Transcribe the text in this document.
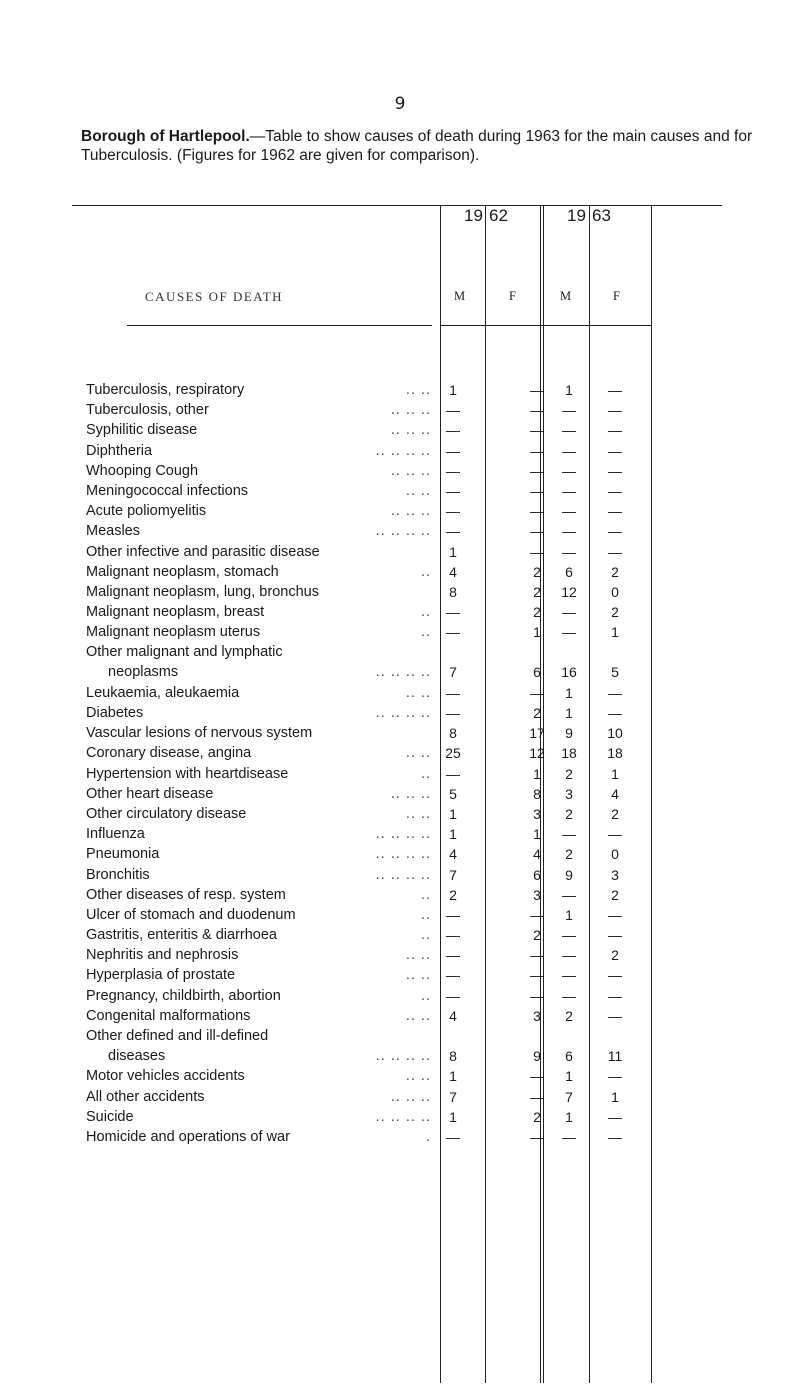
9
Borough of Hartlepool.—Table to show causes of death during 1963 for the main causes and for Tuberculosis. (Figures for 1962 are given for comparison).
19 62	19 63
CAUSES OF DEATH	M	F	M	F
Tuberculosis, respiratory	.. ..	1	—	1	—
Tuberculosis, other	.. .. ..	—	—	—	—
Syphilitic disease	.. .. ..	—	—	—	—
Diphtheria	.. .. .. ..	—	—	—	—
Whooping Cough	.. .. ..	—	—	—	—
Meningococcal infections	.. ..	—	—	—	—
Acute poliomyelitis	.. .. ..	—	—	—	—
Measles	.. .. .. ..	—	—	—	—
Other infective and parasitic disease	1	—	—	—
Malignant neoplasm, stomach	..	4	2	6	2
Malignant neoplasm, lung, bronchus	8	2	12	0
Malignant neoplasm, breast	..	—	2	—	2
Malignant neoplasm uterus	..	—	1	—	1
Other malignant and lymphatic
neoplasms	.. .. .. ..	7	6	16	5
Leukaemia, aleukaemia	.. ..	—	—	1	—
Diabetes	.. .. .. ..	—	2	1	—
Vascular lesions of nervous system	8	17	9	10
Coronary disease, angina	.. ..	25	12	18	18
Hypertension with heartdisease	..	—	1	2	1
Other heart disease	.. .. ..	5	8	3	4
Other circulatory disease	.. ..	1	3	2	2
Influenza	.. .. .. ..	1	1	—	—
Pneumonia	.. .. .. ..	4	4	2	0
Bronchitis	.. .. .. ..	7	6	9	3
Other diseases of resp. system	..	2	3	—	2
Ulcer of stomach and duodenum	..	—	—	1	—
Gastritis, enteritis & diarrhoea	..	—	2	—	—
Nephritis and nephrosis	.. ..	—	—	—	2
Hyperplasia of prostate	.. ..	—	—	—	—
Pregnancy, childbirth, abortion	..	—	—	—	—
Congenital malformations	.. ..	4	3	2	—
Other defined and ill-defined
diseases	.. .. .. ..	8	9	6	11
Motor vehicles accidents	.. ..	1	—	1	—
All other accidents	.. .. ..	7	—	7	1
Suicide	.. .. .. ..	1	2	1	—
Homicide and operations of war	.	—	—	—	—
